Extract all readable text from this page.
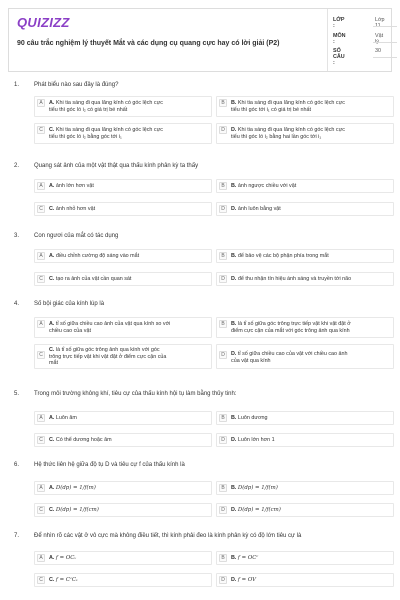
QUIZIZZ
90 câu trắc nghiệm lý thuyết Mắt và các dụng cụ quang cực hay có lời giải (P2)
LỚP :
Lớp
MÔN :
Vật
SỐ CÂU :
30
1. Phát biểu nào sau đây là đúng?
A	A. Khi tia sáng đi qua lăng kính có góc lệch cực
tiểu thì góc ló i₂ có giá trị bé nhất
B	B. Khi tia sáng đi qua lăng kính có góc lệch cực
tiểu thì góc tới i₁ có giá trị bé nhất
C	C. Khi tia sáng đi qua lăng kính có góc lệch cực
tiểu thì góc ló i₂ bằng góc tới i₁
D	D. Khi tia sáng đi qua lăng kính có góc lệch cực
tiểu thì góc ló i₂ bằng hai lần góc tới i₁
2. Quang sát ảnh của một vật thật qua thấu kính phân kỳ ta thấy
A	A. ảnh lớn hơn vật	B	B. ảnh ngược chiều với vật
C	C. ảnh nhỏ hơn vật	D	D. ảnh luôn bằng vật
3. Con ngươi của mắt có tác dụng
A	A. điều chỉnh cường độ sáng vào mắt	B	B. để bảo vệ các bộ phận phía trong mắt
C	C. tạo ra ảnh của vật cần quan sát	D	D. để thu nhận tín hiệu ánh sáng và truyền tới não
4. Số bội giác của kính lúp là
A	A. tỉ số giữa chiều cao ảnh của vật qua kính so với
chiều cao của vật
B	B. là tỉ số giữa góc trông trực tiếp vật khi vật đặt ở
điểm cực cận của mắt với góc trông ảnh qua kính
C
C. là tỉ số giữa góc trông ảnh qua kính với góc
trông trực tiếp vật khi vật đặt ở điểm cực cận của
mắt
D	D. tỉ số giữa chiều cao của vật với chiều cao ảnh
của vật qua kính
5. Trong môi trường không khí, tiêu cự của thấu kính hội tụ làm bằng thủy tinh:
A	A. Luôn âm	B	B. Luôn dương
C	C. Có thể dương hoặc âm	D	D. Luôn lớn hơn 1
6. Hệ thức liên hệ giữa độ tụ D và tiêu cự f của thấu kính là
A	A. D(dp) = 1/f(m)	B	B. D(dp) = 1/f(m)
C	C. D(dp) = 1/f(cm)	D	D. D(dp) = 1/f(cm)
7. Để nhìn rõ các vật ở vô cực mà không điều tiết, thì kính phải đeo là kính phân kỳ có độ lớn tiêu cự là
A	A. f = OCᵥ	B	B. f = OCᶜ
C	C. f = CᶜCᵥ	D	D. f = OV
